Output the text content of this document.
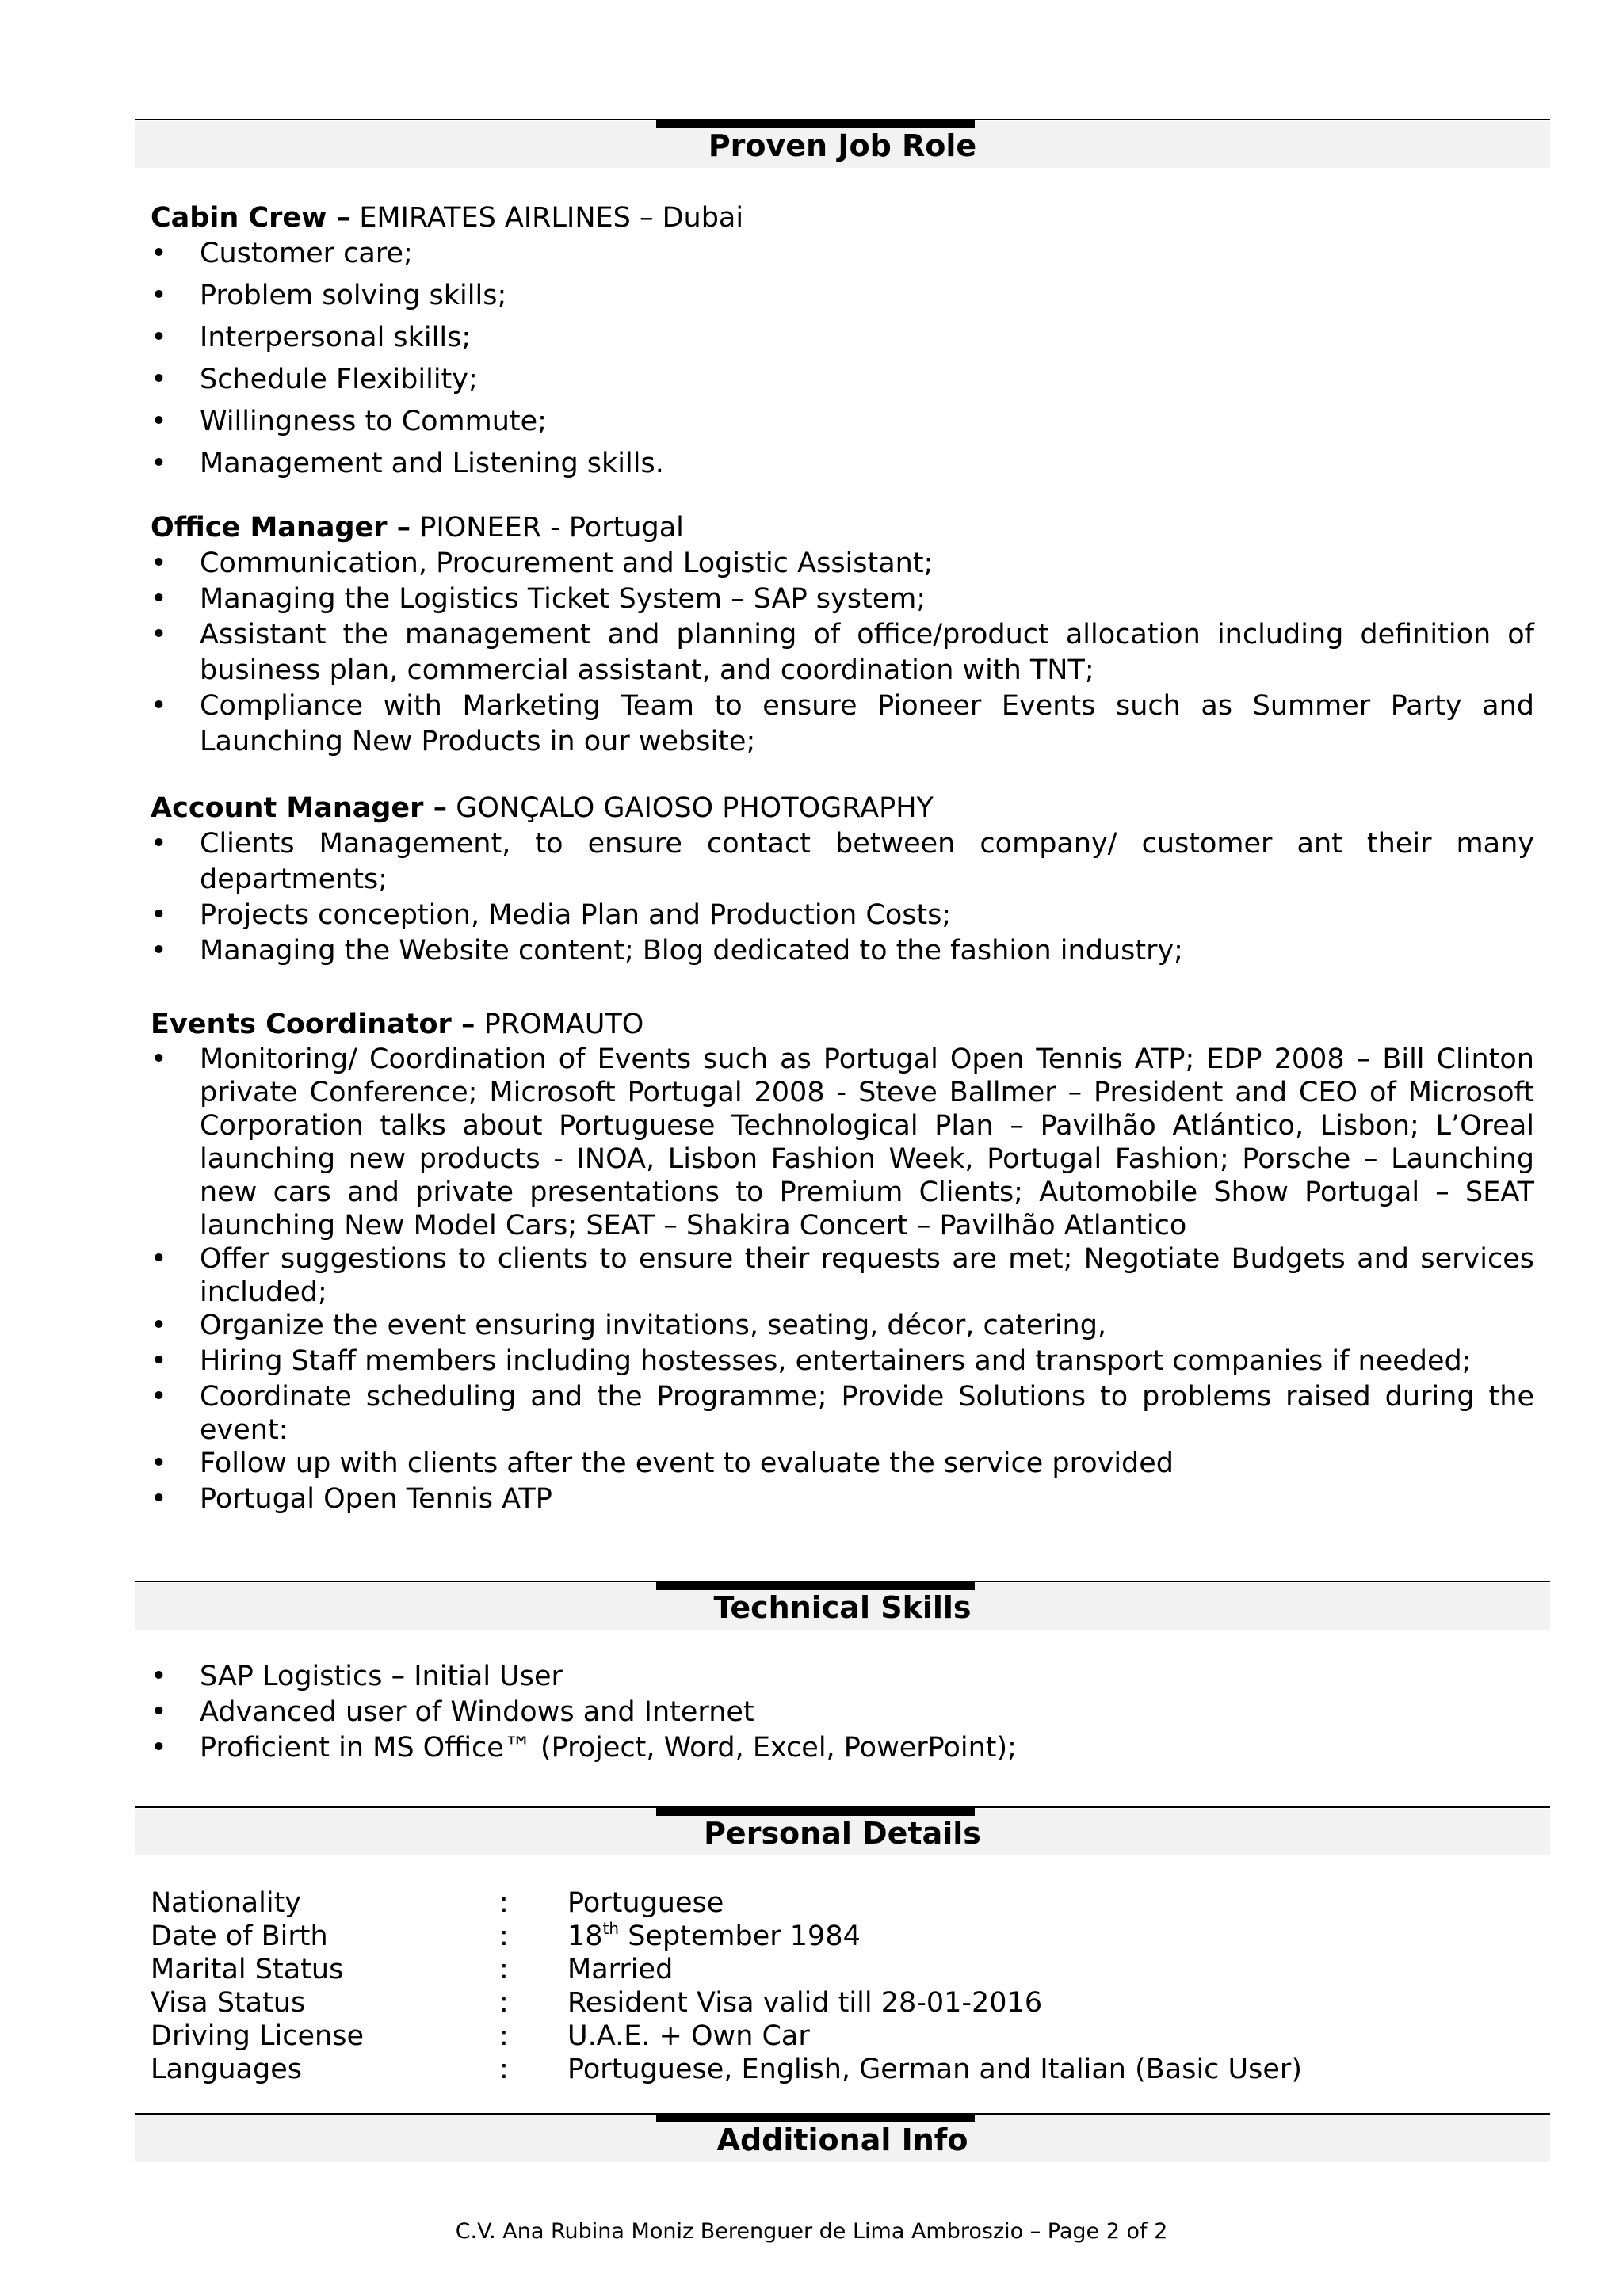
Proven Job Role
Cabin Crew – EMIRATES AIRLINES – Dubai
• Customer care;
• Problem solving skills;
• Interpersonal skills;
• Schedule Flexibility;
• Willingness to Commute;
• Management and Listening skills.
Office Manager – PIONEER - Portugal
• Communication, Procurement and Logistic Assistant;
• Managing the Logistics Ticket System – SAP system;
• Assistant the management and planning of office/product allocation including definition of business plan, commercial assistant, and coordination with TNT;
• Compliance with Marketing Team to ensure Pioneer Events such as Summer Party and Launching New Products in our website;
Account Manager – GONÇALO GAIOSO PHOTOGRAPHY
• Clients Management, to ensure contact between company/ customer ant their many departments;
• Projects conception, Media Plan and Production Costs;
• Managing the Website content; Blog dedicated to the fashion industry;
Events Coordinator – PROMAUTO
• Monitoring/ Coordination of Events such as Portugal Open Tennis ATP; EDP 2008 – Bill Clinton private Conference; Microsoft Portugal 2008 - Steve Ballmer – President and CEO of Microsoft Corporation talks about Portuguese Technological Plan – Pavilhão Atlántico, Lisbon; L’Oreal launching new products - INOA, Lisbon Fashion Week, Portugal Fashion; Porsche – Launching new cars and private presentations to Premium Clients; Automobile Show Portugal – SEAT launching New Model Cars; SEAT – Shakira Concert – Pavilhão Atlantico
• Offer suggestions to clients to ensure their requests are met; Negotiate Budgets and services included;
• Organize the event ensuring invitations, seating, décor, catering,
• Hiring Staff members including hostesses, entertainers and transport companies if needed;
• Coordinate scheduling and the Programme; Provide Solutions to problems raised during the event:
• Follow up with clients after the event to evaluate the service provided
• Portugal Open Tennis ATP
Technical Skills
• SAP Logistics – Initial User
• Advanced user of Windows and Internet
• Proficient in MS Office™ (Project, Word, Excel, PowerPoint);
Personal Details
Nationality	: Portuguese
Date of Birth	: 18th September 1984
Marital Status	: Married
Visa Status	: Resident Visa valid till 28-01-2016
Driving License	: U.A.E. + Own Car
Languages	: Portuguese, English, German and Italian (Basic User)
Additional Info
C.V. Ana Rubina Moniz Berenguer de Lima Ambroszio – Page 2 of 2
